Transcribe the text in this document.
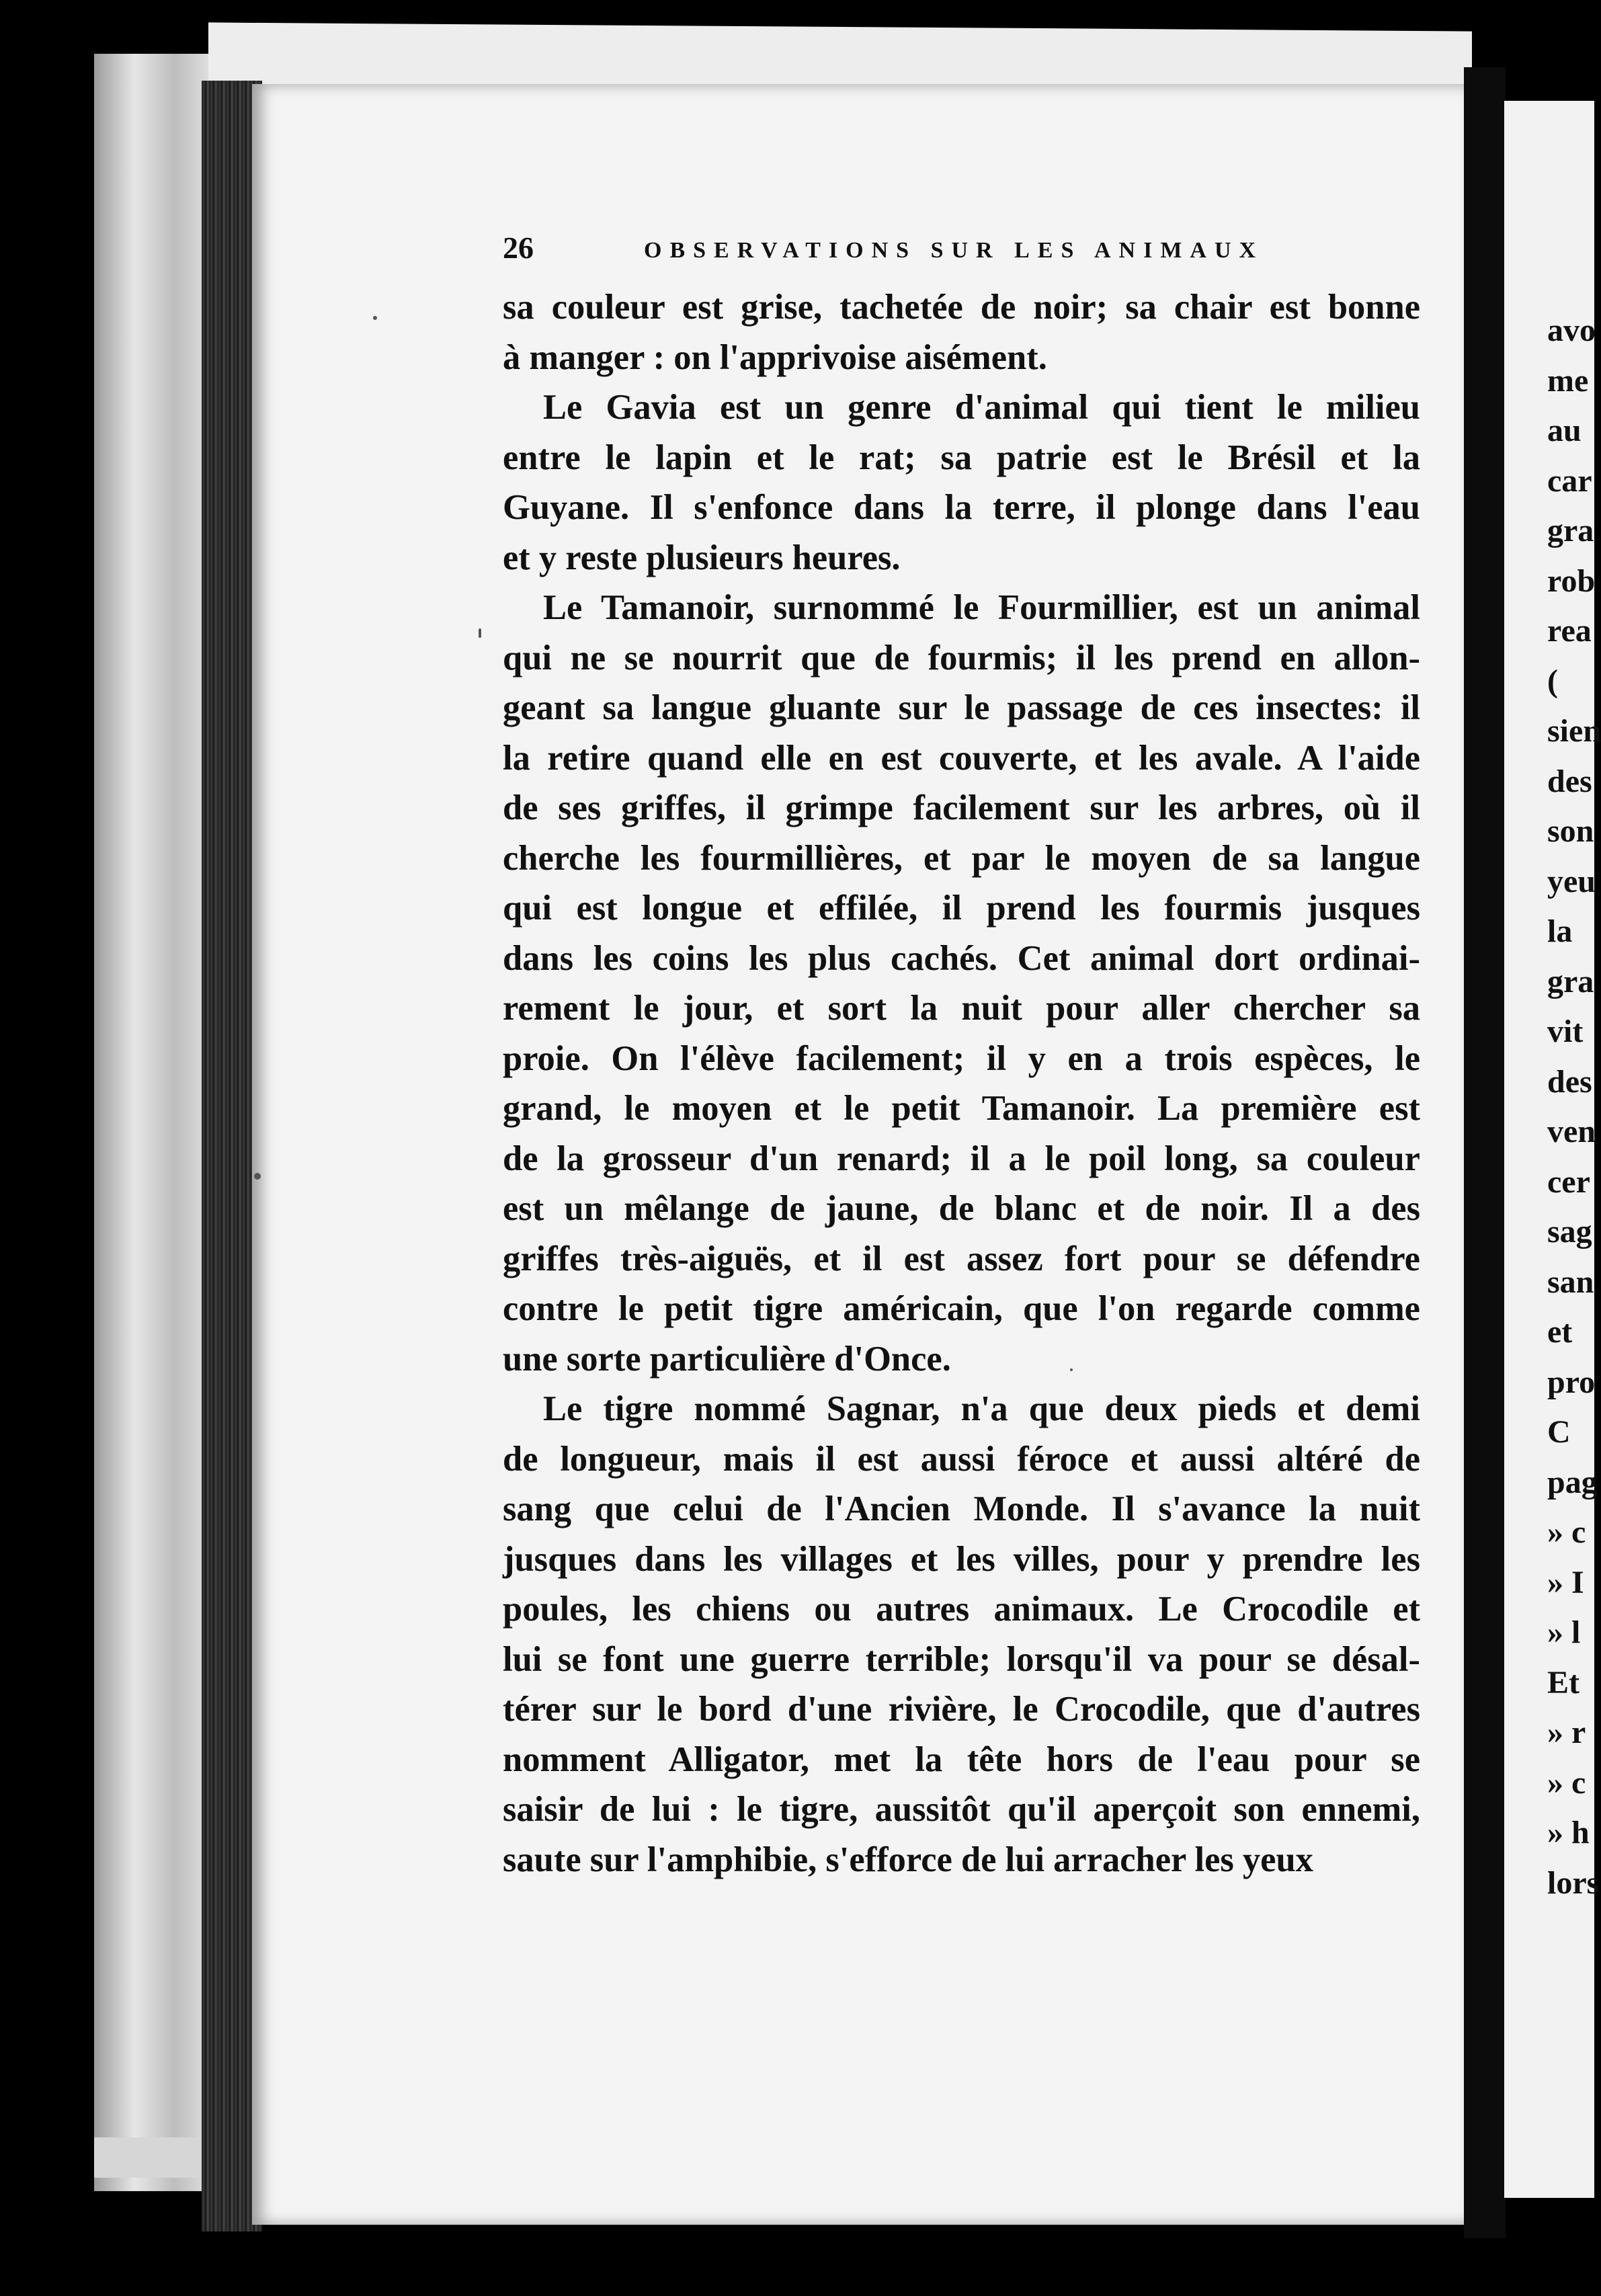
26	OBSERVATIONS SUR LES ANIMAUX
sa couleur est grise, tachetée de noir; sa chair est bonne
à manger : on l'apprivoise aisément.
Le Gavia est un genre d'animal qui tient le milieu
entre le lapin et le rat; sa patrie est le Brésil et la
Guyane. Il s'enfonce dans la terre, il plonge dans l'eau
et y reste plusieurs heures.
Le Tamanoir, surnommé le Fourmillier, est un animal
qui ne se nourrit que de fourmis; il les prend en allon-
geant sa langue gluante sur le passage de ces insectes: il
la retire quand elle en est couverte, et les avale. A l'aide
de ses griffes, il grimpe facilement sur les arbres, où il
cherche les fourmillières, et par le moyen de sa langue
qui est longue et effilée, il prend les fourmis jusques
dans les coins les plus cachés. Cet animal dort ordinai-
rement le jour, et sort la nuit pour aller chercher sa
proie. On l'élève facilement; il y en a trois espèces, le
grand, le moyen et le petit Tamanoir. La première est
de la grosseur d'un renard; il a le poil long, sa couleur
est un mêlange de jaune, de blanc et de noir. Il a des
griffes très-aiguës, et il est assez fort pour se défendre
contre le petit tigre américain, que l'on regarde comme
une sorte particulière d'Once.
Le tigre nommé Sagnar, n'a que deux pieds et demi
de longueur, mais il est aussi féroce et aussi altéré de
sang que celui de l'Ancien Monde. Il s'avance la nuit
jusques dans les villages et les villes, pour y prendre les
poules, les chiens ou autres animaux. Le Crocodile et
lui se font une guerre terrible; lorsqu'il va pour se désal-
térer sur le bord d'une rivière, le Crocodile, que d'autres
nomment Alligator, met la tête hors de l'eau pour se
saisir de lui : le tigre, aussitôt qu'il aperçoit son ennemi,
saute sur l'amphibie, s'efforce de lui arracher les yeux
avo
me
au
car
gra
rob
rea
(
sien
des
son
yeu
la
gra
vit
des
ven
cer
sag
san
et
pro
C
pag
» c
» I
» l
Et
» r
» c
» h
lors
